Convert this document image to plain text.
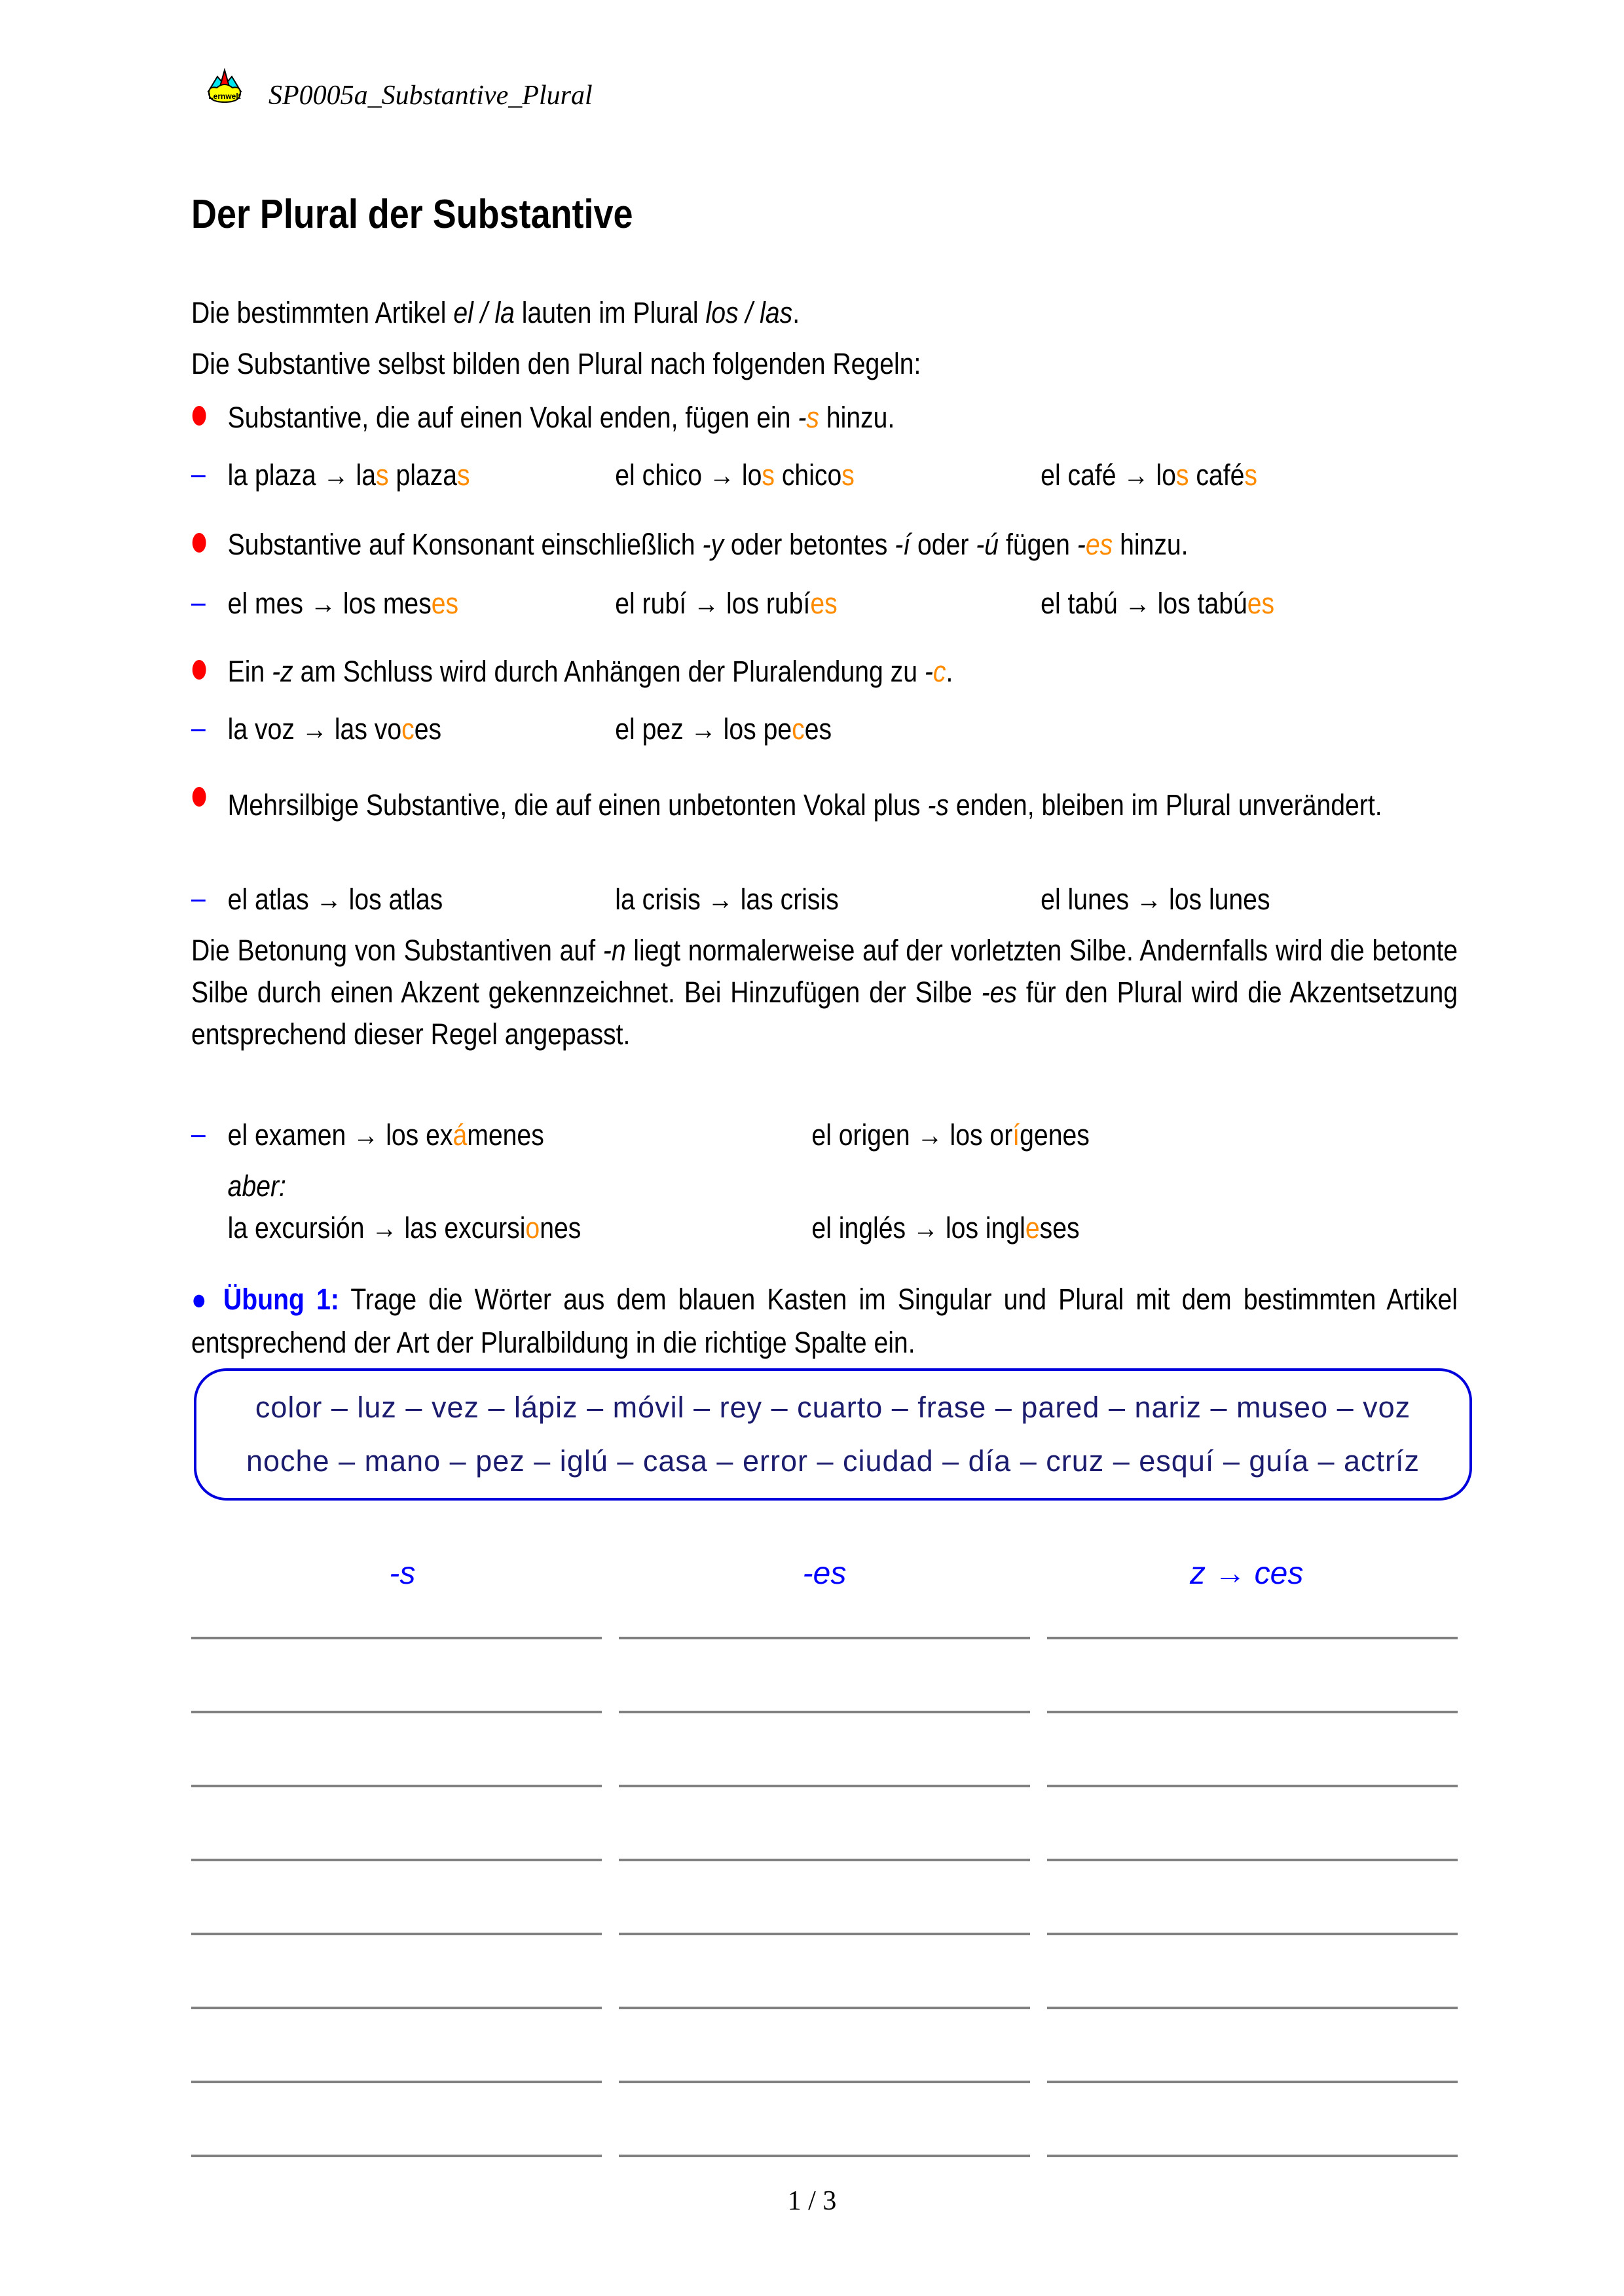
Lernwelt SP0005a_Substantive_Plural
Der Plural der Substantive

Die bestimmten Artikel el / la lauten im Plural los / las.

Die Substantive selbst bilden den Plural nach folgenden Regeln:

Substantive, die auf einen Vokal enden, fügen ein -s hinzu.
– la plaza → las plazas	el chico → los chicos	el café → los cafés
Substantive auf Konsonant einschließlich -y oder betontes -í oder -ú fügen -es hinzu.
– el mes → los meses	el rubí → los rubíes	el tabú → los tabúes
Ein -z am Schluss wird durch Anhängen der Pluralendung zu -c.
– la voz → las voces	el pez → los peces
Mehrsilbige Substantive, die auf einen unbetonten Vokal plus -s enden, bleiben im Plural unverändert.
– el atlas → los atlas	la crisis → las crisis	el lunes → los lunes

Die Betonung von Substantiven auf -n liegt normalerweise auf der vorletzten Silbe. Andernfalls wird die betonte Silbe durch einen Akzent gekennzeichnet. Bei Hinzufügen der Silbe -es für den Plural wird die Akzentsetzung entsprechend dieser Regel angepasst.

– el examen → los exámenes	el origen → los orígenes

aber:

la excursión → las excursiones	el inglés → los ingleses

● Übung 1: Trage die Wörter aus dem blauen Kasten im Singular und Plural mit dem bestimmten Artikel entsprechend der Art der Pluralbildung in die richtige Spalte ein.

color – luz – vez – lápiz – móvil – rey – cuarto – frase – pared – nariz – museo – voz
noche – mano – pez – iglú – casa – error – ciudad – día – cruz – esquí – guía – actríz
-s	-es	z → ces
1 / 3
